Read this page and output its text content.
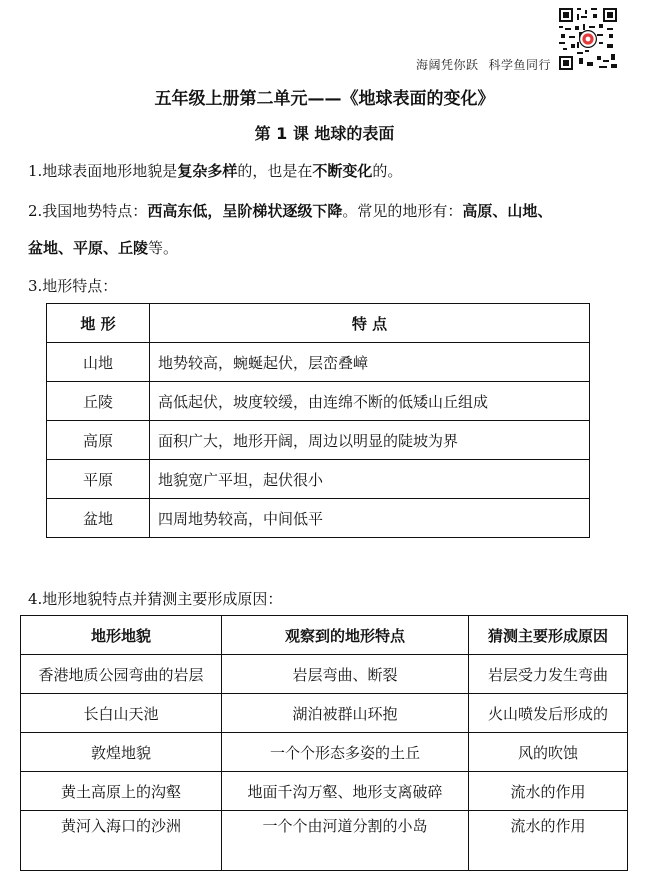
海阔凭你跃 科学鱼同行
五年级上册第二单元——《地球表面的变化》
第 1 课 地球的表面
1.地球表面地形地貌是复杂多样的，也是在不断变化的。
2.我国地势特点：西高东低，呈阶梯状逐级下降。常见的地形有：高原、山地、
盆地、平原、丘陵等。
3.地形特点：
地 形	特 点
山地	地势较高，蜿蜒起伏，层峦叠嶂
丘陵	高低起伏，坡度较缓，由连绵不断的低矮山丘组成
高原	面积广大，地形开阔，周边以明显的陡坡为界
平原	地貌宽广平坦，起伏很小
盆地	四周地势较高，中间低平
4.地形地貌特点并猜测主要形成原因：
地形地貌	观察到的地形特点	猜测主要形成原因
香港地质公园弯曲的岩层	岩层弯曲、断裂	岩层受力发生弯曲
长白山天池	湖泊被群山环抱	火山喷发后形成的
敦煌地貌	一个个形态多姿的土丘	风的吹蚀
黄土高原上的沟壑	地面千沟万壑、地形支离破碎	流水的作用
黄河入海口的沙洲	一个个由河道分割的小岛	流水的作用
